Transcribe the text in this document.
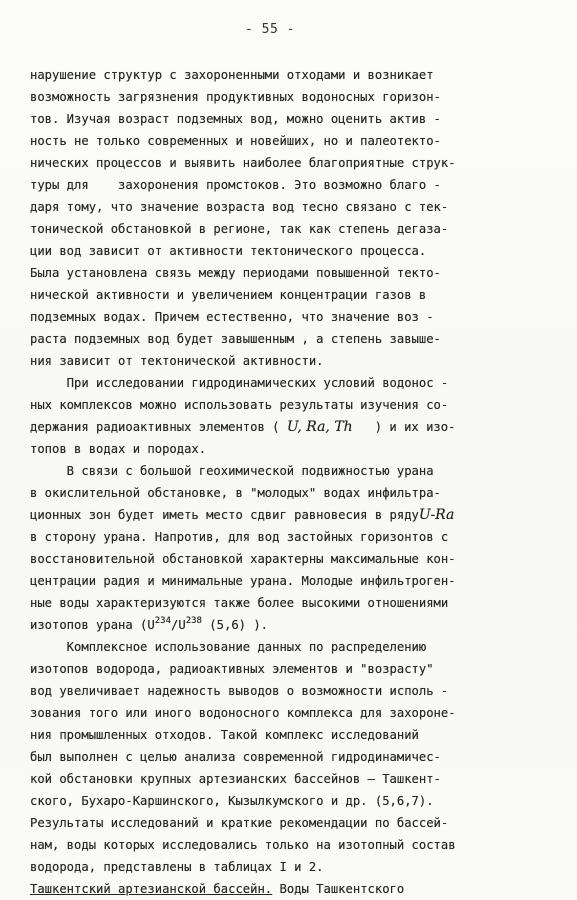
- 55 -
нарушение структур с захороненными отходами и возникает
возможность загрязнения продуктивных водоносных горизон-
тов. Изучая возраст подземных вод, можно оценить актив -
ность не только современных и новейших, но и палеотекто-
нических процессов и выявить наиболее благоприятные струк-
туры для    захоронения промстоков. Это возможно благо -
даря тому, что значение возраста вод тесно связано с тек-
тонической обстановкой в регионе, так как степень дегаза-
ции вод зависит от активности тектонического процесса.
Была установлена связь между периодами повышенной текто-
нической активности и увеличением концентрации газов в
подземных водах. Причем естественно, что значение воз -
раста подземных вод будет завышенным , а степень завыше-
ния зависит от тектонической активности.
При исследовании гидродинамических условий водонос -
ных комплексов можно использовать результаты изучения со-
держания радиоактивных элементов ( U, Ra, Th   ) и их изо-
топов в водах и породах.
В связи с большой геохимической подвижностью урана
в окислительной обстановке, в "молодых" водах инфильтра-
ционных зон будет иметь место сдвиг равновесия в рядуU-Ra
в сторону урана. Напротив, для вод застойных горизонтов с
восстановительной обстановкой характерны максимальные кон-
центрации радия и минимальные урана. Молодые инфильтроген-
ные воды характеризуются также более высокими отношениями
изотопов урана ($U^{234}/U^{238}$ (5,6) ).
Комплексное использование данных по распределению
изотопов водорода, радиоактивных элементов и "возрасту"
вод увеличивает надежность выводов о возможности исполь -
зования того или иного водоносного комплекса для захороне-
ния промышленных отходов. Такой комплекс исследований
был выполнен с целью анализа современной гидродинамичес-
кой обстановки крупных артезианских бассейнов – Ташкент-
ского, Бухаро-Каршинского, Кызылкумского и др. (5,6,7).
Результаты исследований и краткие рекомендации по бассей-
нам, воды которых исследовались только на изотопный состав
водорода, представлены в таблицах I и 2.
Ташкентский артезианской бассейн. Воды Ташкентского
